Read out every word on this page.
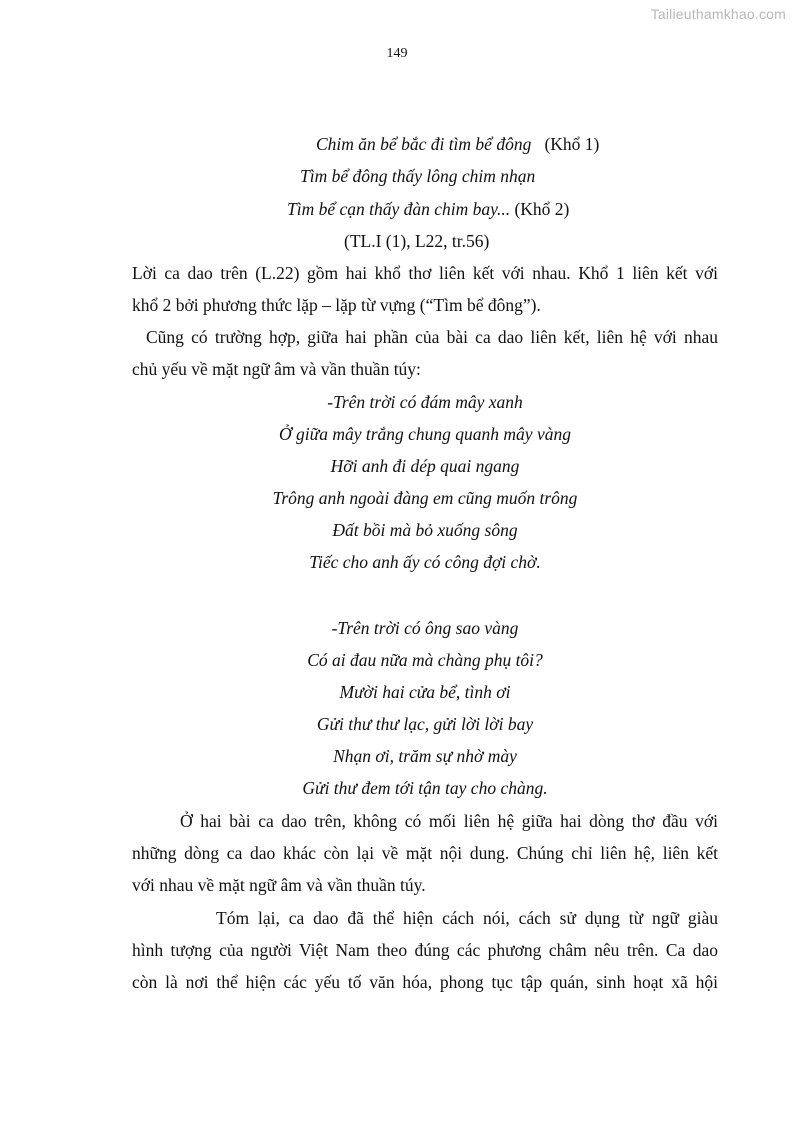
Tailieuthamkhao.com
149
Chim ăn bể bắc đi tìm bể đông (Khổ 1)
Tìm bể đông thấy lông chim nhạn
Tìm bể cạn thấy đàn chim bay... (Khổ 2)
(TL.I (1), L22, tr.56)
Lời ca dao trên (L.22) gồm hai khổ thơ liên kết với nhau. Khổ 1 liên kết với
khổ 2 bởi phương thức lặp – lặp từ vựng (“Tìm bể đông”).
Cũng có trường hợp, giữa hai phần của bài ca dao liên kết, liên hệ với nhau
chủ yếu về mặt ngữ âm và vần thuần túy:
-Trên trời có đám mây xanh
Ở giữa mây trắng chung quanh mây vàng
Hỡi anh đi dép quai ngang
Trông anh ngoài đàng em cũng muốn trông
Đất bồi mà bỏ xuống sông
Tiếc cho anh ấy có công đợi chờ.
-Trên trời có ông sao vàng
Có ai đau nữa mà chàng phụ tôi?
Mười hai cửa bể, tình ơi
Gửi thư thư lạc, gửi lời lời bay
Nhạn ơi, trăm sự nhờ mày
Gửi thư đem tới tận tay cho chàng.
Ở hai bài ca dao trên, không có mối liên hệ giữa hai dòng thơ đầu với
những dòng ca dao khác còn lại về mặt nội dung. Chúng chỉ liên hệ, liên kết
với nhau về mặt ngữ âm và vần thuần túy.
Tóm lại, ca dao đã thể hiện cách nói, cách sử dụng từ ngữ giàu
hình tượng của người Việt Nam theo đúng các phương châm nêu trên. Ca dao
còn là nơi thể hiện các yếu tố văn hóa, phong tục tập quán, sinh hoạt xã hội
